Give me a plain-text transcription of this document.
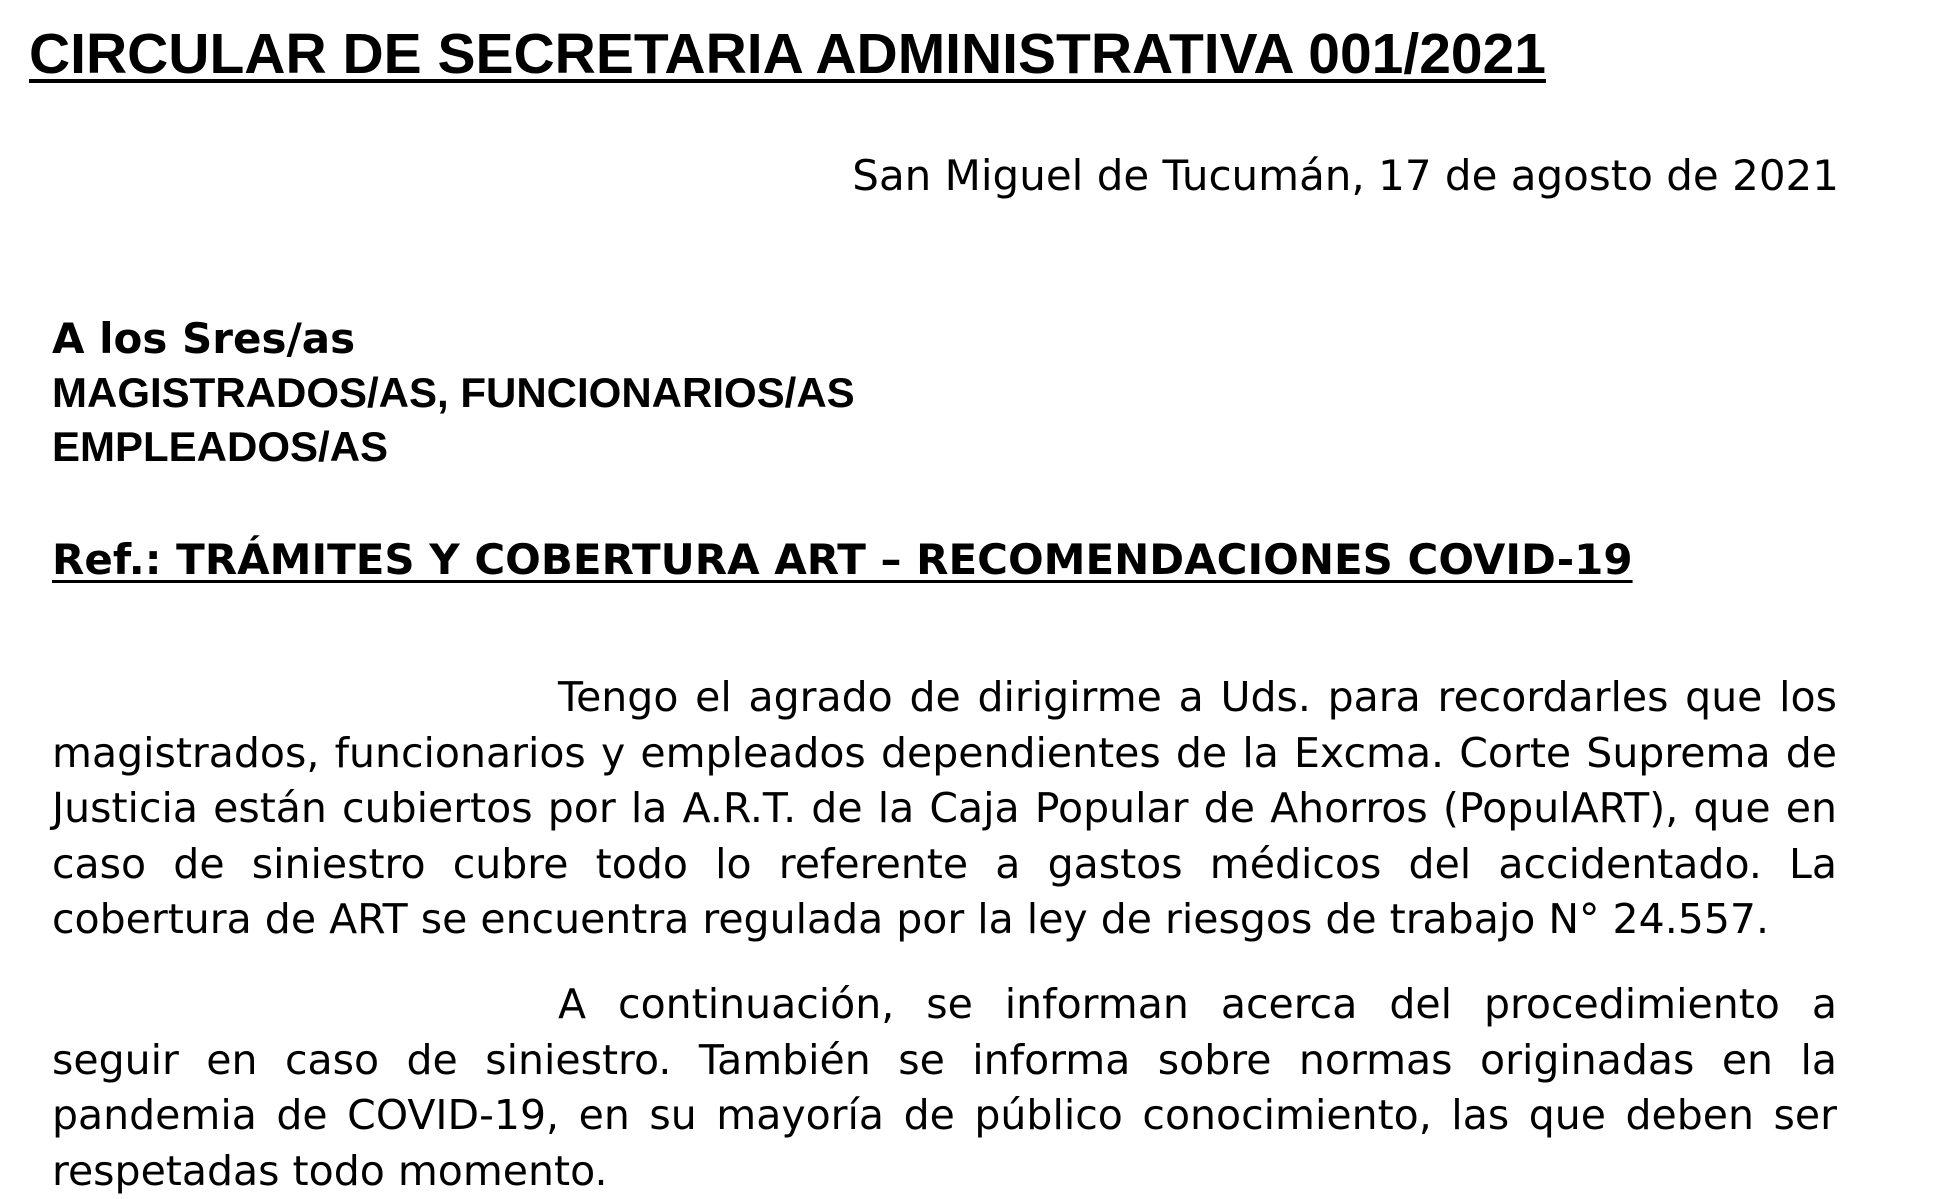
CIRCULAR DE SECRETARIA ADMINISTRATIVA 001/2021
San Miguel de Tucumán, 17 de agosto de 2021
A los Sres/as
MAGISTRADOS/AS, FUNCIONARIOS/AS
EMPLEADOS/AS
Ref.: TRÁMITES Y COBERTURA ART – RECOMENDACIONES COVID-19

Tengo el agrado de dirigirme a Uds. para recordarles que los magistrados, funcionarios y empleados dependientes de la Excma. Corte Suprema de Justicia están cubiertos por la A.R.T. de la Caja Popular de Ahorros (PopulART), que en caso de siniestro cubre todo lo referente a gastos médicos del accidentado. La cobertura de ART se encuentra regulada por la ley de riesgos de trabajo N° 24.557.

A continuación, se informan acerca del procedimiento a seguir en caso de siniestro. También se informa sobre normas originadas en la pandemia de COVID-19, en su mayoría de público conocimiento, las que deben ser respetadas todo momento.
